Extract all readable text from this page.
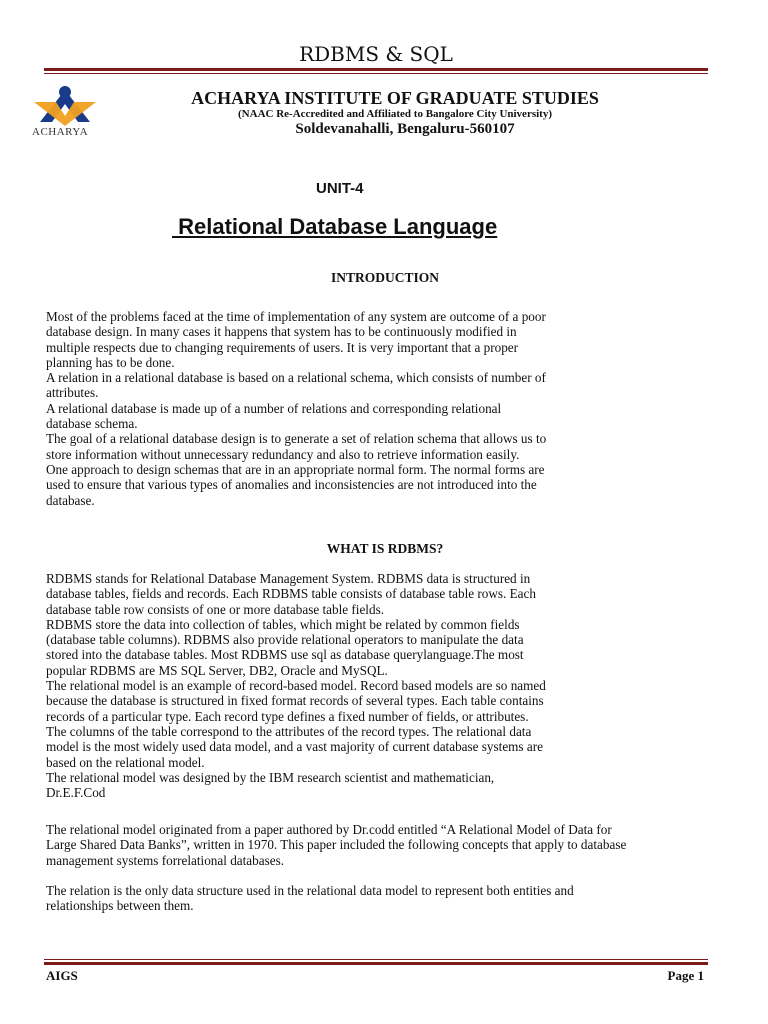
RDBMS & SQL
ACHARYA
ACHARYA INSTITUTE OF GRADUATE STUDIES
(NAAC Re-Accredited and Affiliated to Bangalore City University)
Soldevanahalli, Bengaluru-560107
UNIT-4
Relational Database Language
INTRODUCTION
Most of the problems faced at the time of implementation of any system are outcome of a poor
database design. In many cases it happens that system has to be continuously modified in
multiple respects due to changing requirements of users. It is very important that a proper
planning has to be done.
A relation in a relational database is based on a relational schema, which consists of number of
attributes.
A relational database is made up of a number of relations and corresponding relational
database schema.
The goal of a relational database design is to generate a set of relation schema that allows us to
store information without unnecessary redundancy and also to retrieve information easily.
One approach to design schemas that are in an appropriate normal form. The normal forms are
used to ensure that various types of anomalies and inconsistencies are not introduced into the
database.
WHAT IS RDBMS?
RDBMS stands for Relational Database Management System. RDBMS data is structured in
database tables, fields and records. Each RDBMS table consists of database table rows. Each
database table row consists of one or more database table fields.
RDBMS store the data into collection of tables, which might be related by common fields
(database table columns). RDBMS also provide relational operators to manipulate the data
stored into the database tables. Most RDBMS use sql as database querylanguage.The most
popular RDBMS are MS SQL Server, DB2, Oracle and MySQL.
The relational model is an example of record-based model. Record based models are so named
because the database is structured in fixed format records of several types. Each table contains
records of a particular type. Each record type defines a fixed number of fields, or attributes.
The columns of the table correspond to the attributes of the record types. The relational data
model is the most widely used data model, and a vast majority of current database systems are
based on the relational model.
The relational model was designed by the IBM research scientist and mathematician,
Dr.E.F.Cod
The relational model originated from a paper authored by Dr.codd entitled “A Relational Model of Data for
Large Shared Data Banks”, written in 1970. This paper included the following concepts that apply to database
management systems forrelational databases.
The relation is the only data structure used in the relational data model to represent both entities and
relationships between them.
AIGS	Page 1
